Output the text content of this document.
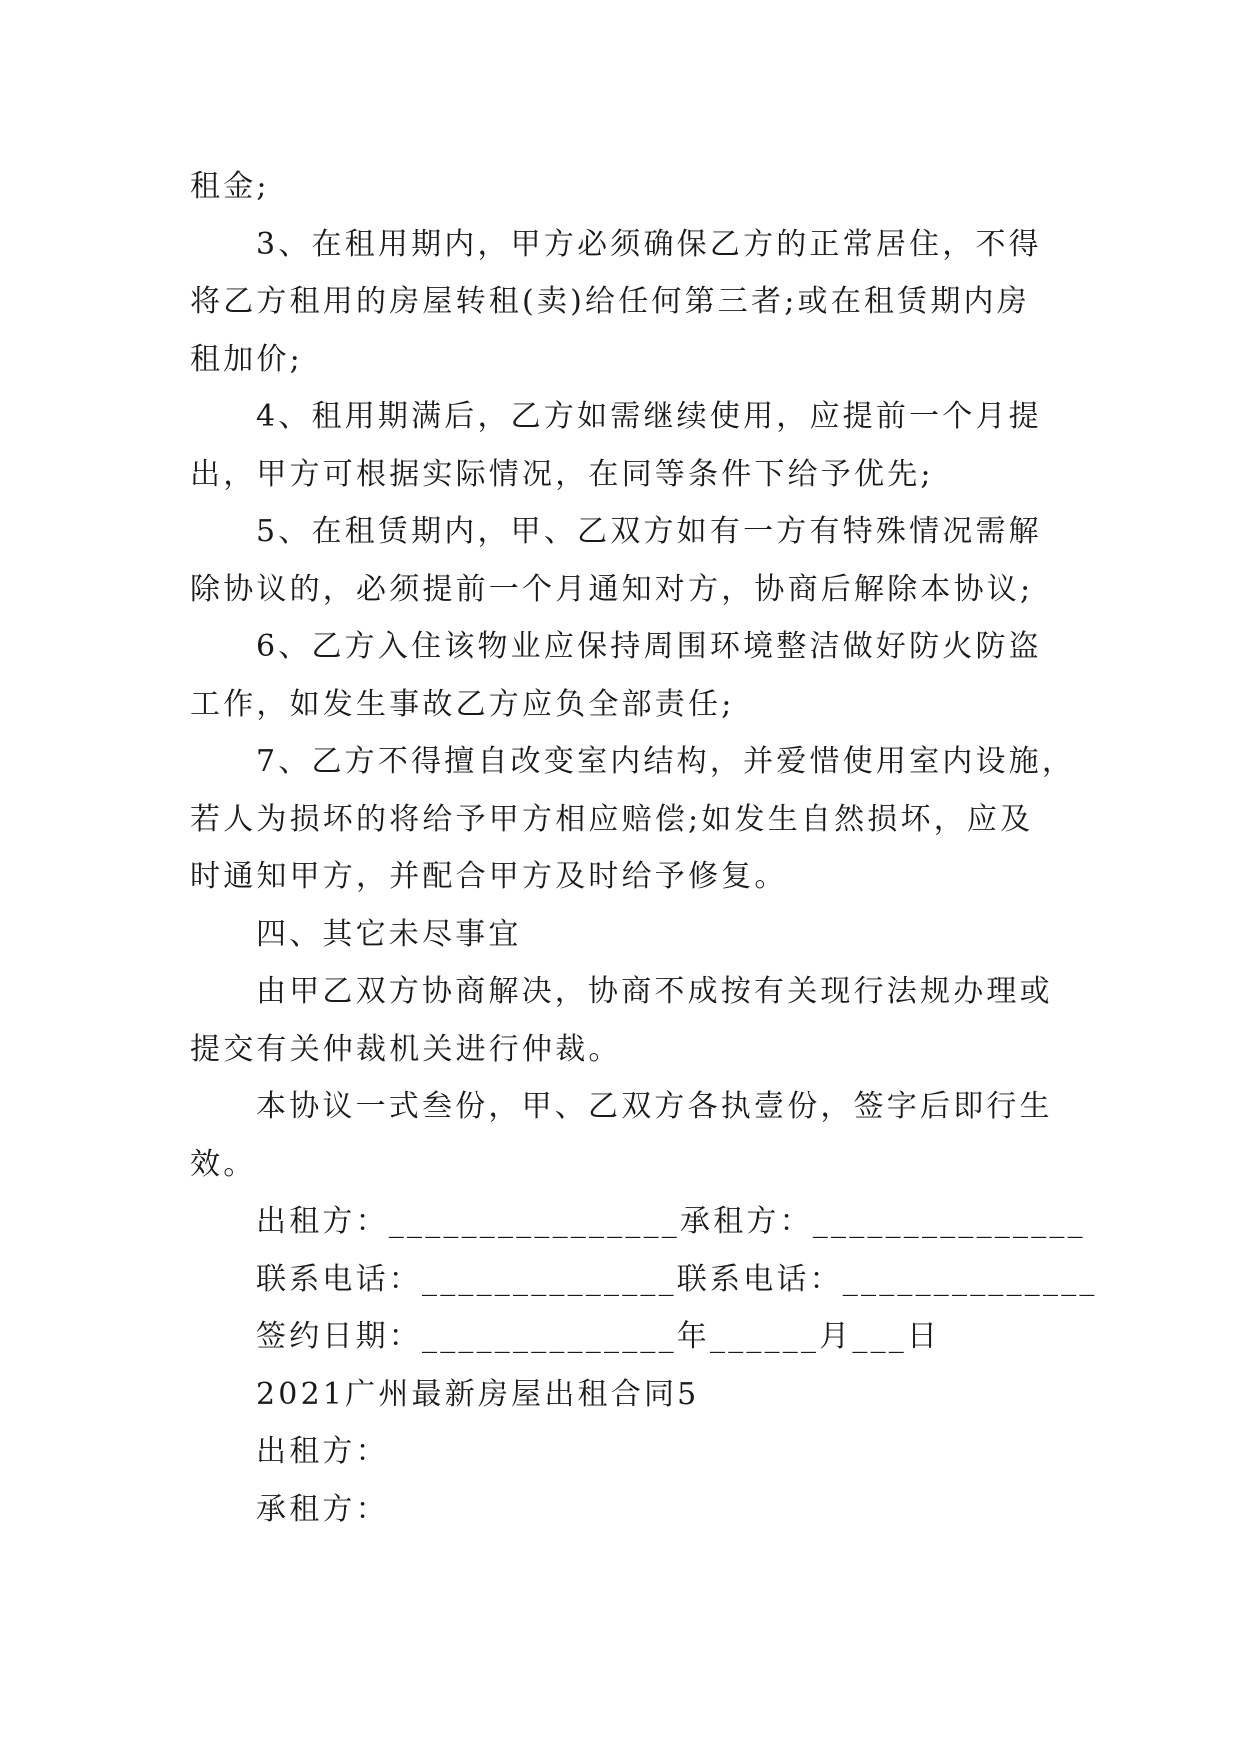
租金;

3、在租用期内，甲方必须确保乙方的正常居住，不得

将乙方租用的房屋转租(卖)给任何第三者;或在租赁期内房

租加价;

4、租用期满后，乙方如需继续使用，应提前一个月提

出，甲方可根据实际情况，在同等条件下给予优先;

5、在租赁期内，甲、乙双方如有一方有特殊情况需解

除协议的，必须提前一个月通知对方，协商后解除本协议;

6、乙方入住该物业应保持周围环境整洁做好防火防盗

工作，如发生事故乙方应负全部责任;

7、乙方不得擅自改变室内结构，并爱惜使用室内设施，

若人为损坏的将给予甲方相应赔偿;如发生自然损坏，应及

时通知甲方，并配合甲方及时给予修复。

四、其它未尽事宜

由甲乙双方协商解决，协商不成按有关现行法规办理或

提交有关仲裁机关进行仲裁。

本协议一式叁份，甲、乙双方各执壹份，签字后即行生

效。

出租方：________________承租方：_______________

联系电话：______________联系电话：______________

签约日期：______________年______月___日

2021广州最新房屋出租合同5

出租方：

承租方：
